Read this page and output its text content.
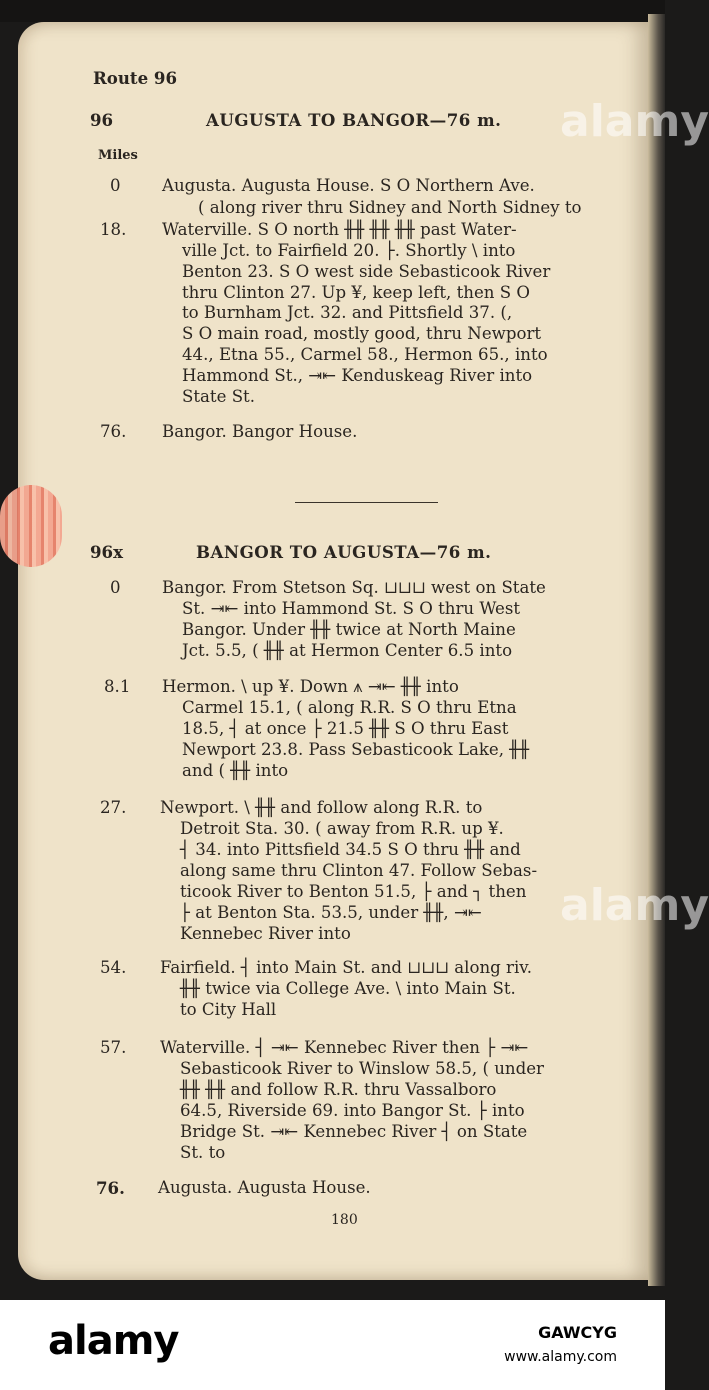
Route 96
96	AUGUSTA TO BANGOR—76 m.
Miles
0 Augusta. Augusta House. S O Northern Ave.
( along river thru Sidney and North Sidney to
18. Waterville. S O north ╫╫ ╫╫ ╫╫ past Water-
ville Jct. to Fairfield 20. ├. Shortly \ into
Benton 23. S O west side Sebasticook River
thru Clinton 27. Up ¥, keep left, then S O
to Burnham Jct. 32. and Pittsfield 37. (,
S O main road, mostly good, thru Newport
44., Etna 55., Carmel 58., Hermon 65., into
Hammond St., ⇥⇤ Kenduskeag River into
State St.
76. Bangor. Bangor House.
96x	BANGOR TO AUGUSTA—76 m.
0 Bangor. From Stetson Sq. ⊔⊔⊔ west on State
St. ⇥⇤ into Hammond St. S O thru West
Bangor. Under ╫╫ twice at North Maine
Jct. 5.5, ( ╫╫ at Hermon Center 6.5 into
8.1 Hermon. \ up ¥. Down ⩚ ⇥⇤ ╫╫ into
Carmel 15.1, ( along R.R. S O thru Etna
18.5, ┤ at once ├ 21.5 ╫╫ S O thru East
Newport 23.8. Pass Sebasticook Lake, ╫╫
and ( ╫╫ into
27. Newport. \ ╫╫ and follow along R.R. to
Detroit Sta. 30. ( away from R.R. up ¥.
┤ 34. into Pittsfield 34.5 S O thru ╫╫ and
along same thru Clinton 47. Follow Sebas-
ticook River to Benton 51.5, ├ and ┐ then
├ at Benton Sta. 53.5, under ╫╫, ⇥⇤
Kennebec River into
54. Fairfield. ┤ into Main St. and ⊔⊔⊔ along riv.
╫╫ twice via College Ave. \ into Main St.
to City Hall
57. Waterville. ┤ ⇥⇤ Kennebec River then ├ ⇥⇤
Sebasticook River to Winslow 58.5, ( under
╫╫ ╫╫ and follow R.R. thru Vassalboro
64.5, Riverside 69. into Bangor St. ├ into
Bridge St. ⇥⇤ Kennebec River ┤ on State
St. to
76. Augusta. Augusta House.
180
alamy
alamy
alamy	GAWCYG
www.alamy.com
